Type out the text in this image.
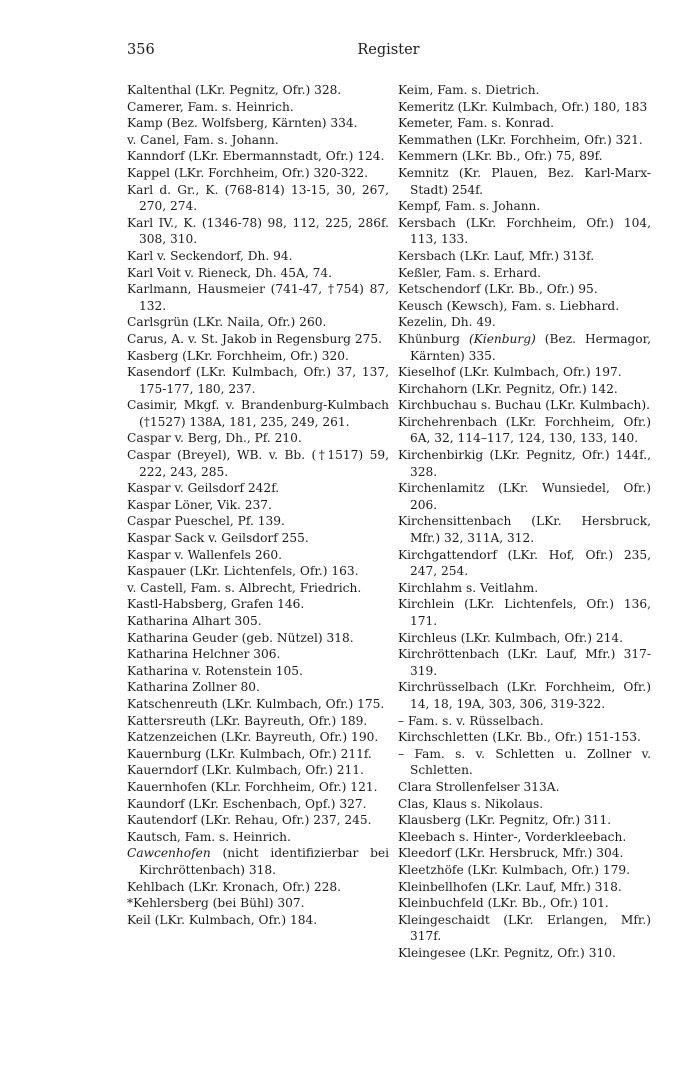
356	Register

Kaltenthal (LKr. Pegnitz, Ofr.) 328.

Camerer, Fam. s. Heinrich.

Kamp (Bez. Wolfsberg, Kärnten) 334.

v. Canel, Fam. s. Johann.

Kanndorf (LKr. Ebermannstadt, Ofr.) 124.

Kappel (LKr. Forchheim, Ofr.) 320-322.

Karl d. Gr., K. (768-814) 13-15, 30, 267, 270, 274.

Karl IV., K. (1346-78) 98, 112, 225, 286f. 308, 310.

Karl v. Seckendorf, Dh. 94.

Karl Voit v. Rieneck, Dh. 45A, 74.

Karlmann, Hausmeier (741-47, †754) 87, 132.

Carlsgrün (LKr. Naila, Ofr.) 260.

Carus, A. v. St. Jakob in Regensburg 275.

Kasberg (LKr. Forchheim, Ofr.) 320.

Kasendorf (LKr. Kulmbach, Ofr.) 37, 137, 175-177, 180, 237.

Casimir, Mkgf. v. Brandenburg-Kulmbach (†1527) 138A, 181, 235, 249, 261.

Caspar v. Berg, Dh., Pf. 210.

Caspar (Breyel), WB. v. Bb. (†1517) 59, 222, 243, 285.

Kaspar v. Geilsdorf 242f.

Kaspar Löner, Vik. 237.

Caspar Pueschel, Pf. 139.

Kaspar Sack v. Geilsdorf 255.

Kaspar v. Wallenfels 260.

Kaspauer (LKr. Lichtenfels, Ofr.) 163.

v. Castell, Fam. s. Albrecht, Friedrich.

Kastl-Habsberg, Grafen 146.

Katharina Alhart 305.

Katharina Geuder (geb. Nützel) 318.

Katharina Helchner 306.

Katharina v. Rotenstein 105.

Katharina Zollner 80.

Katschenreuth (LKr. Kulmbach, Ofr.) 175.

Kattersreuth (LKr. Bayreuth, Ofr.) 189.

Katzenzeichen (LKr. Bayreuth, Ofr.) 190.

Kauernburg (LKr. Kulmbach, Ofr.) 211f.

Kauerndorf (LKr. Kulmbach, Ofr.) 211.

Kauernhofen (KLr. Forchheim, Ofr.) 121.

Kaundorf (LKr. Eschenbach, Opf.) 327.

Kautendorf (LKr. Rehau, Ofr.) 237, 245.

Kautsch, Fam. s. Heinrich.

Cawcenhofen (nicht identifizierbar bei Kirchröttenbach) 318.

Kehlbach (LKr. Kronach, Ofr.) 228.

*Kehlersberg (bei Bühl) 307.

Keil (LKr. Kulmbach, Ofr.) 184.

Keim, Fam. s. Dietrich.

Kemeritz (LKr. Kulmbach, Ofr.) 180, 183

Kemeter, Fam. s. Konrad.

Kemmathen (LKr. Forchheim, Ofr.) 321.

Kemmern (LKr. Bb., Ofr.) 75, 89f.

Kemnitz (Kr. Plauen, Bez. Karl-Marx-Stadt) 254f.

Kempf, Fam. s. Johann.

Kersbach (LKr. Forchheim, Ofr.) 104, 113, 133.

Kersbach (LKr. Lauf, Mfr.) 313f.

Keßler, Fam. s. Erhard.

Ketschendorf (LKr. Bb., Ofr.) 95.

Keusch (Kewsch), Fam. s. Liebhard.

Kezelin, Dh. 49.

Khünburg (Kienburg) (Bez. Hermagor, Kärnten) 335.

Kieselhof (LKr. Kulmbach, Ofr.) 197.

Kirchahorn (LKr. Pegnitz, Ofr.) 142.

Kirchbuchau s. Buchau (LKr. Kulmbach).

Kirchehrenbach (LKr. Forchheim, Ofr.) 6A, 32, 114–117, 124, 130, 133, 140.

Kirchenbirkig (LKr. Pegnitz, Ofr.) 144f., 328.

Kirchenlamitz (LKr. Wunsiedel, Ofr.) 206.

Kirchensittenbach (LKr. Hersbruck, Mfr.) 32, 311A, 312.

Kirchgattendorf (LKr. Hof, Ofr.) 235, 247, 254.

Kirchlahm s. Veitlahm.

Kirchlein (LKr. Lichtenfels, Ofr.) 136, 171.

Kirchleus (LKr. Kulmbach, Ofr.) 214.

Kirchröttenbach (LKr. Lauf, Mfr.) 317-319.

Kirchrüsselbach (LKr. Forchheim, Ofr.) 14, 18, 19A, 303, 306, 319-322.

– Fam. s. v. Rüsselbach.

Kirchschletten (LKr. Bb., Ofr.) 151-153.

– Fam. s. v. Schletten u. Zollner v. Schletten.

Clara Strollenfelser 313A.

Clas, Klaus s. Nikolaus.

Klausberg (LKr. Pegnitz, Ofr.) 311.

Kleebach s. Hinter-, Vorderkleebach.

Kleedorf (LKr. Hersbruck, Mfr.) 304.

Kleetzhöfe (LKr. Kulmbach, Ofr.) 179.

Kleinbellhofen (LKr. Lauf, Mfr.) 318.

Kleinbuchfeld (LKr. Bb., Ofr.) 101.

Kleingeschaidt (LKr. Erlangen, Mfr.) 317f.

Kleingesee (LKr. Pegnitz, Ofr.) 310.
